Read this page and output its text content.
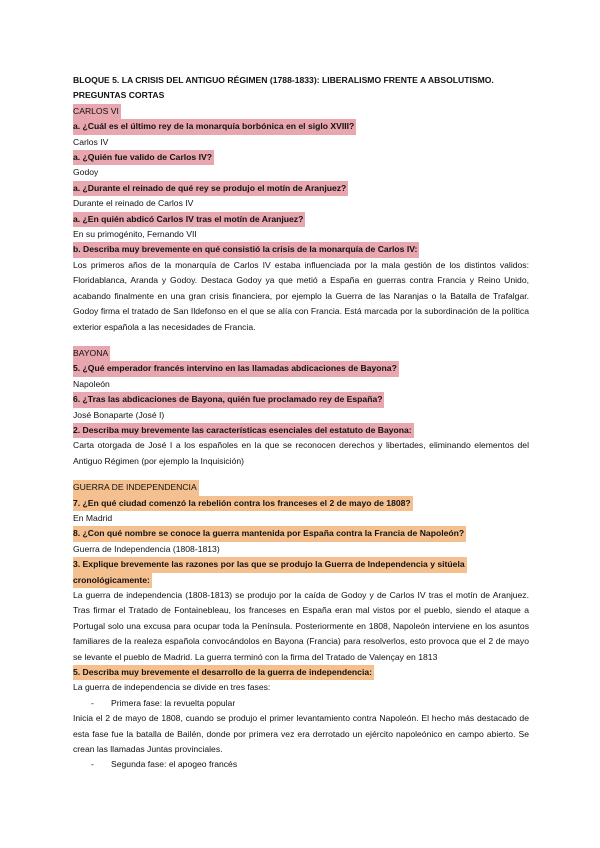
BLOQUE 5. LA CRISIS DEL ANTIGUO RÉGIMEN (1788-1833): LIBERALISMO FRENTE A ABSOLUTISMO.
PREGUNTAS CORTAS
CARLOS VI
a. ¿Cuál es el último rey de la monarquía borbónica en el siglo XVIII?
Carlos IV
a. ¿Quién fue valido de Carlos IV?
Godoy
a. ¿Durante el reinado de qué rey se produjo el motín de Aranjuez?
Durante el reinado de Carlos IV
a. ¿En quién abdicó Carlos IV tras el motín de Aranjuez?
En su primogénito, Fernando VII
b. Describa muy brevemente en qué consistió la crisis de la monarquía de Carlos IV:
Los primeros años de la monarquía de Carlos IV estaba influenciada por la mala gestión de los distintos validos: Floridablanca, Aranda y Godoy. Destaca Godoy ya que metió a España en guerras contra Francia y Reino Unido, acabando finalmente en una gran crisis financiera, por ejemplo la Guerra de las Naranjas o la Batalla de Trafalgar. Godoy firma el tratado de San Ildefonso en el que se alía con Francia. Está marcada por la subordinación de la política exterior española a las necesidades de Francia.
BAYONA
5. ¿Qué emperador francés intervino en las llamadas abdicaciones de Bayona?
Napoleón
6. ¿Tras las abdicaciones de Bayona, quién fue proclamado rey de España?
José Bonaparte (José I)
2. Describa muy brevemente las características esenciales del estatuto de Bayona:
Carta otorgada de José I a los españoles en la que se reconocen derechos y libertades, eliminando elementos del Antiguo Régimen (por ejemplo la Inquisición)
GUERRA DE INDEPENDENCIA
7. ¿En qué ciudad comenzó la rebelión contra los franceses el 2 de mayo de 1808?
En Madrid
8. ¿Con qué nombre se conoce la guerra mantenida por España contra la Francia de Napoleón?
Guerra de Independencia (1808-1813)
3. Explique brevemente las razones por las que se produjo la Guerra de Independencia y sitúela
cronológicamente:
La guerra de independencia (1808-1813) se produjo por la caída de Godoy y de Carlos IV tras el motín de Aranjuez. Tras firmar el Tratado de Fontainebleau, los franceses en España eran mal vistos por el pueblo, siendo el ataque a Portugal solo una excusa para ocupar toda la Península. Posteriormente en 1808, Napoleón interviene en los asuntos familiares de la realeza española convocándolos en Bayona (Francia) para resolverlos, esto provoca que el 2 de mayo se levante el pueblo de Madrid. La guerra terminó con la firma del Tratado de Valençay en 1813
5. Describa muy brevemente el desarrollo de la guerra de independencia:
La guerra de independencia se divide en tres fases:
- Primera fase: la revuelta popular
Inicia el 2 de mayo de 1808, cuando se produjo el primer levantamiento contra Napoleón. El hecho más destacado de esta fase fue la batalla de Bailén, donde por primera vez era derrotado un ejército napoleónico en campo abierto. Se crean las llamadas Juntas provinciales.
- Segunda fase: el apogeo francés
